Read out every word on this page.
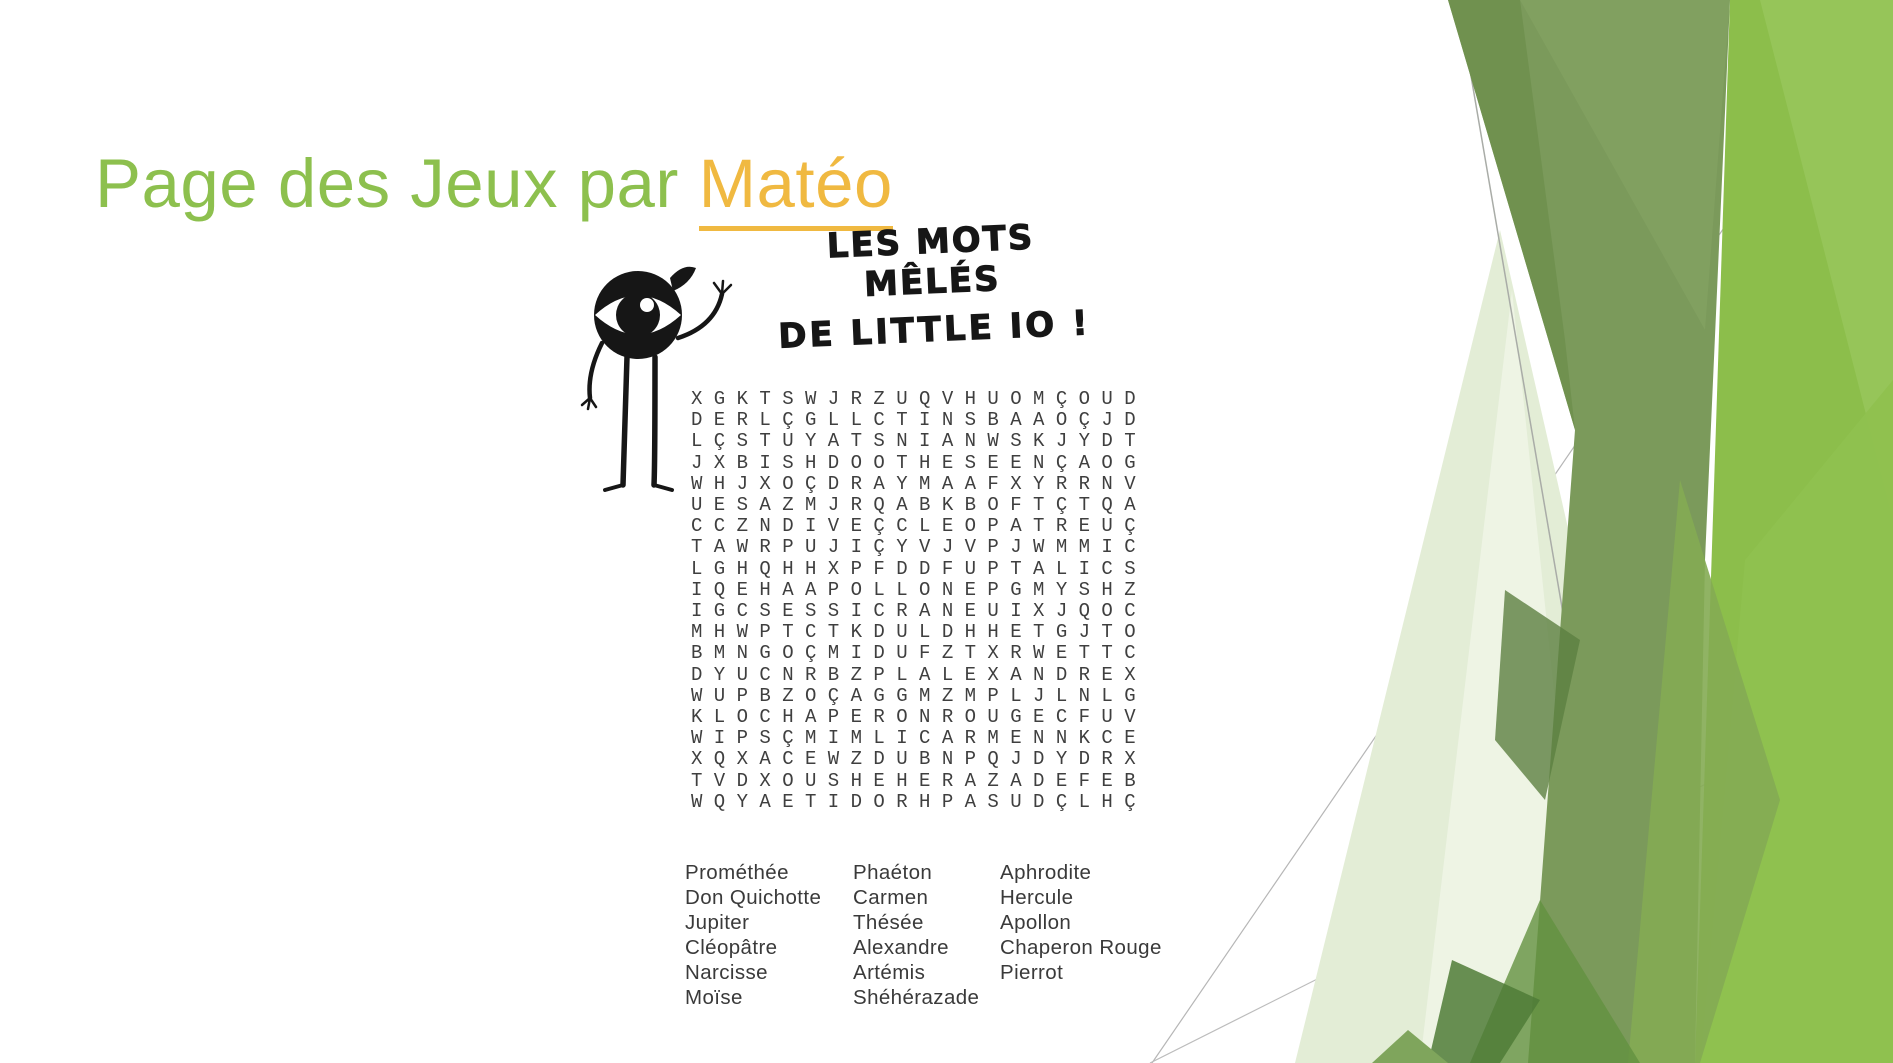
Page des Jeux par Matéo
LES MOTS MÊLÉS
DE LITTLE IO !
XGKTSWJRZUQVHUOMÇOUD
DERLÇGLLCTINSBAAOÇJD
LÇSTUYATSNIANWSKJYDT
JXBISHDOOTHESEENÇAOG
WHJXOÇDRAYMAAFXYRRNV
UESAZMJRQABKBOFTÇTQA
CCZNDIVEÇCLEOPATREUÇ
TAWRPUJIÇYVJVPJWMMIC
LGHQHHXPFDDFUPTALICS
IQEHAAPOLLONEPGMYSHZ
IGCSESSICRANEUIXJQOC
MHWPTCTKDULDHHETGJTO
BMNGOÇMIDUFZTXRWETTC
DYUCNRBZPLALEXANDREX
WUPBZOÇAGGMZMPLJLNLG
KLOCHAPERONROUGECFUV
WIPSÇMIMLICARMENNKCE
XQXACEWZDUBNPQJDYDRX
TVDXOUSHEHERAZADEFEB
WQYAETIDORHPASUDÇLHÇ
Prométhée
Don Quichotte
Jupiter
Cléopâtre
Narcisse
Moïse
Phaéton
Carmen
Thésée
Alexandre
Artémis
Shéhérazade
Aphrodite
Hercule
Apollon
Chaperon Rouge
Pierrot
